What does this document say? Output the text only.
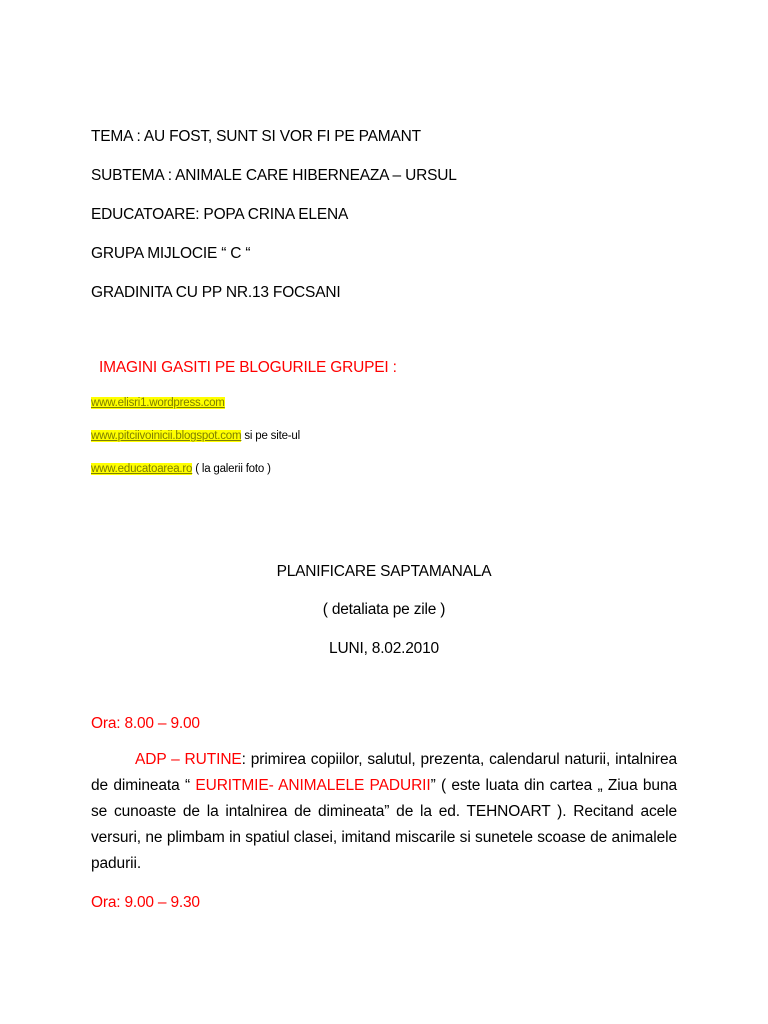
TEMA : AU FOST, SUNT SI VOR FI PE PAMANT
SUBTEMA : ANIMALE CARE HIBERNEAZA – URSUL
EDUCATOARE: POPA CRINA ELENA
GRUPA MIJLOCIE “ C “
GRADINITA CU PP NR.13 FOCSANI
IMAGINI GASITI PE BLOGURILE GRUPEI :
www.elisri1.wordpress.com
www.pitciivoinicii.blogspot.com si pe site-ul
www.educatoarea.ro ( la galerii foto )
PLANIFICARE SAPTAMANALA
( detaliata pe zile )
LUNI, 8.02.2010
Ora: 8.00 – 9.00
ADP – RUTINE: primirea copiilor, salutul, prezenta, calendarul naturii, intalnirea de dimineata “ EURITMIE- ANIMALELE PADURII” ( este luata din cartea „ Ziua buna se cunoaste de la intalnirea de dimineata” de la ed. TEHNOART ). Recitand acele versuri, ne plimbam in spatiul clasei, imitand miscarile si sunetele scoase de animalele padurii.
Ora: 9.00 – 9.30
